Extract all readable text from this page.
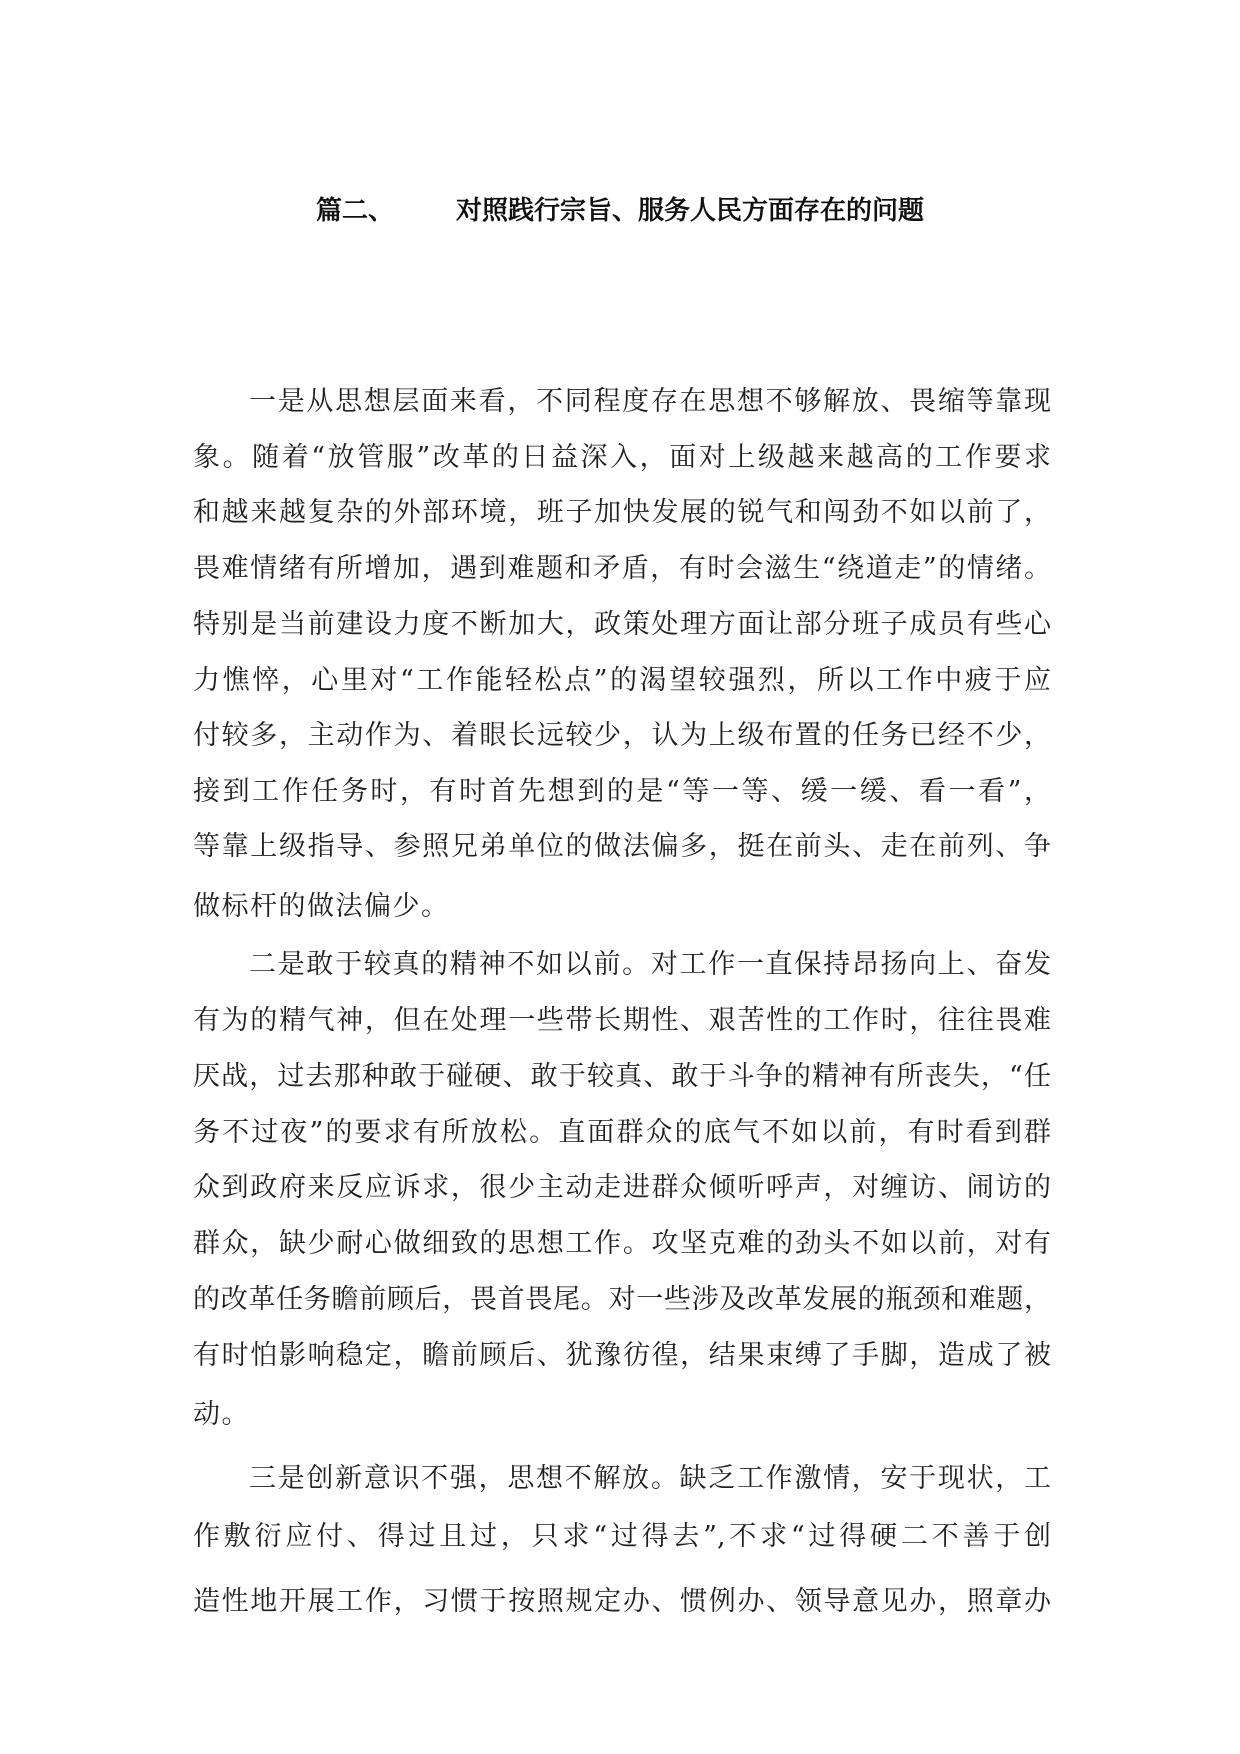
篇二、 对照践行宗旨、服务人民方面存在的问题
一是从思想层面来看，不同程度存在思想不够解放、畏缩等靠现
象。随着“放管服”改革的日益深入，面对上级越来越高的工作要求
和越来越复杂的外部环境，班子加快发展的锐气和闯劲不如以前了，
畏难情绪有所增加，遇到难题和矛盾，有时会滋生“绕道走”的情绪。
特别是当前建设力度不断加大，政策处理方面让部分班子成员有些心
力憔悴，心里对“工作能轻松点”的渴望较强烈，所以工作中疲于应
付较多，主动作为、着眼长远较少，认为上级布置的任务已经不少，
接到工作任务时，有时首先想到的是“等一等、缓一缓、看一看”，
等靠上级指导、参照兄弟单位的做法偏多，挺在前头、走在前列、争
做标杆的做法偏少。
二是敢于较真的精神不如以前。对工作一直保持昂扬向上、奋发
有为的精气神，但在处理一些带长期性、艰苦性的工作时，往往畏难
厌战，过去那种敢于碰硬、敢于较真、敢于斗争的精神有所丧失，“任
务不过夜”的要求有所放松。直面群众的底气不如以前，有时看到群
众到政府来反应诉求，很少主动走进群众倾听呼声，对缠访、闹访的
群众，缺少耐心做细致的思想工作。攻坚克难的劲头不如以前，对有
的改革任务瞻前顾后，畏首畏尾。对一些涉及改革发展的瓶颈和难题，
有时怕影响稳定，瞻前顾后、犹豫彷徨，结果束缚了手脚，造成了被
动。
三是创新意识不强，思想不解放。缺乏工作激情，安于现状，工
作敷衍应付、得过且过，只求“过得去”,不求“过得硬二不善于创
造性地开展工作，习惯于按照规定办、惯例办、领导意见办，照章办
